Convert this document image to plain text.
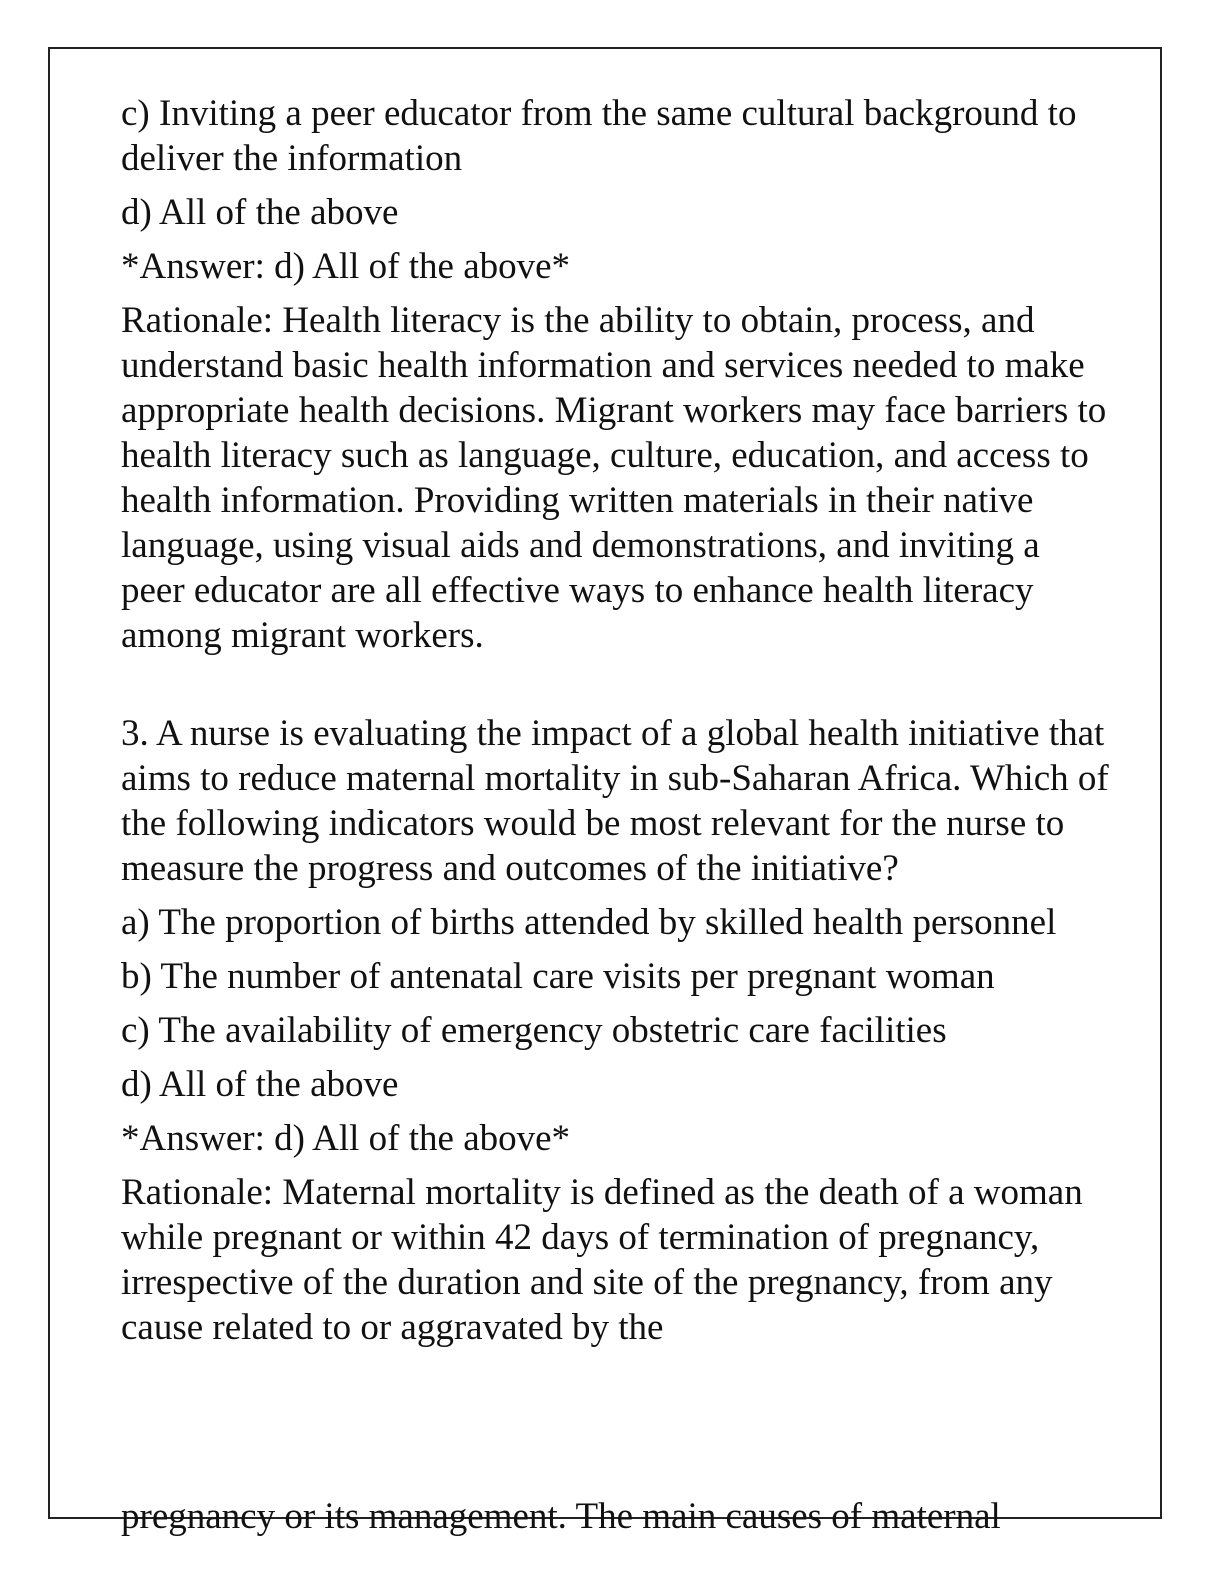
c) Inviting a peer educator from the same cultural background to deliver the information

d) All of the above

*Answer: d) All of the above*

Rationale: Health literacy is the ability to obtain, process, and understand basic health information and services needed to make appropriate health decisions. Migrant workers may face barriers to health literacy such as language, culture, education, and access to health information. Providing written materials in their native language, using visual aids and demonstrations, and inviting a peer educator are all effective ways to enhance health literacy among migrant workers.

3. A nurse is evaluating the impact of a global health initiative that aims to reduce maternal mortality in sub-Saharan Africa. Which of the following indicators would be most relevant for the nurse to measure the progress and outcomes of the initiative?

a) The proportion of births attended by skilled health personnel

b) The number of antenatal care visits per pregnant woman

c) The availability of emergency obstetric care facilities

d) All of the above

*Answer: d) All of the above*

Rationale: Maternal mortality is defined as the death of a woman while pregnant or within 42 days of termination of pregnancy, irrespective of the duration and site of the pregnancy, from any cause related to or aggravated by the

pregnancy or its management. The main causes of maternal
